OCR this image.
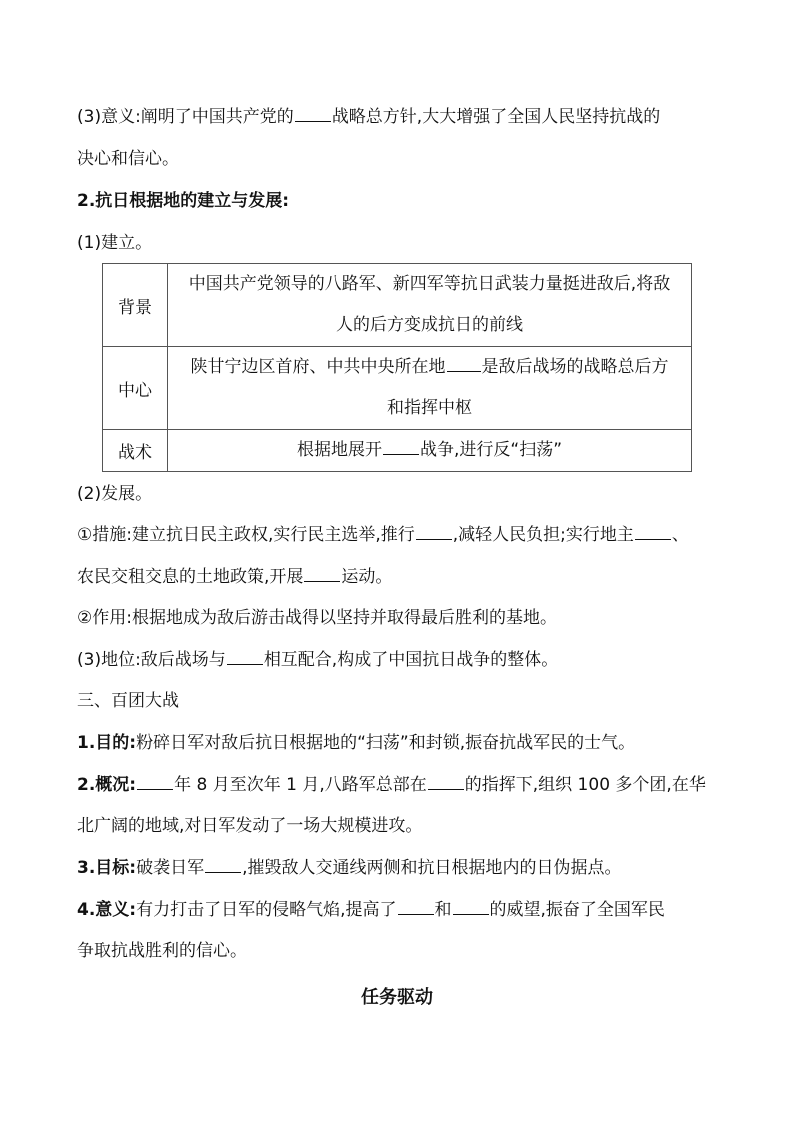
(3)意义:阐明了中国共产党的 战略总方针,大大增强了全国人民坚持抗战的
决心和信心。
2.抗日根据地的建立与发展:
(1)建立。
背景	中国共产党领导的八路军、新四军等抗日武装力量挺进敌后,将敌
人的后方变成抗日的前线

中心	陕甘宁边区首府、中共中央所在地 是敌后战场的战略总后方
和指挥中枢

战术	根据地展开 战争,进行反“扫荡”
(2)发展。
①措施:建立抗日民主政权,实行民主选举,推行 ,减轻人民负担;实行地主 、
农民交租交息的土地政策,开展 运动。
②作用:根据地成为敌后游击战得以坚持并取得最后胜利的基地。
(3)地位:敌后战场与 相互配合,构成了中国抗日战争的整体。
三、百团大战
1.目的:粉碎日军对敌后抗日根据地的“扫荡”和封锁,振奋抗战军民的士气。
2.概况: 年 8 月至次年 1 月,八路军总部在 的指挥下,组织 100 多个团,在华
北广阔的地域,对日军发动了一场大规模进攻。
3.目标:破袭日军 ,摧毁敌人交通线两侧和抗日根据地内的日伪据点。
4.意义:有力打击了日军的侵略气焰,提高了 和 的威望,振奋了全国军民
争取抗战胜利的信心。
任务驱动
